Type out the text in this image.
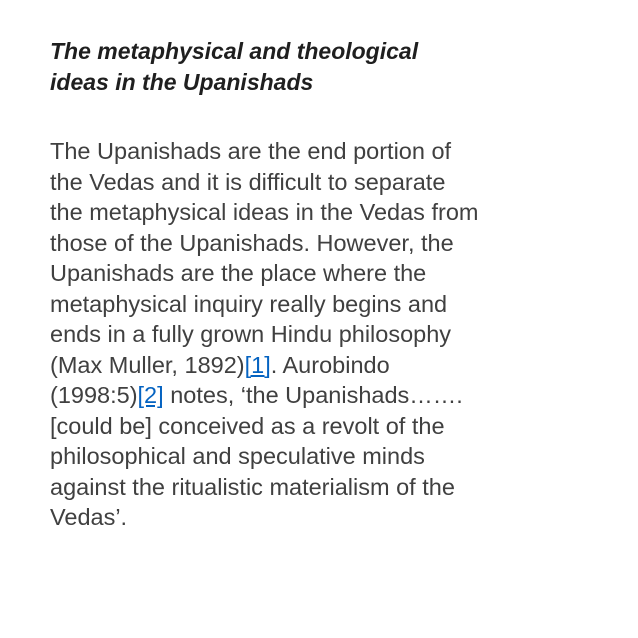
The metaphysical and theological
ideas in the Upanishads
The Upanishads are the end portion of
the Vedas and it is difficult to separate
the metaphysical ideas in the Vedas from
those of the Upanishads. However, the
Upanishads are the place where the
metaphysical inquiry really begins and
ends in a fully grown Hindu philosophy
(Max Muller, 1892)[1]. Aurobindo
(1998:5)[2] notes, ‘the Upanishads…….
[could be] conceived as a revolt of the
philosophical and speculative minds
against the ritualistic materialism of the
Vedas’.
